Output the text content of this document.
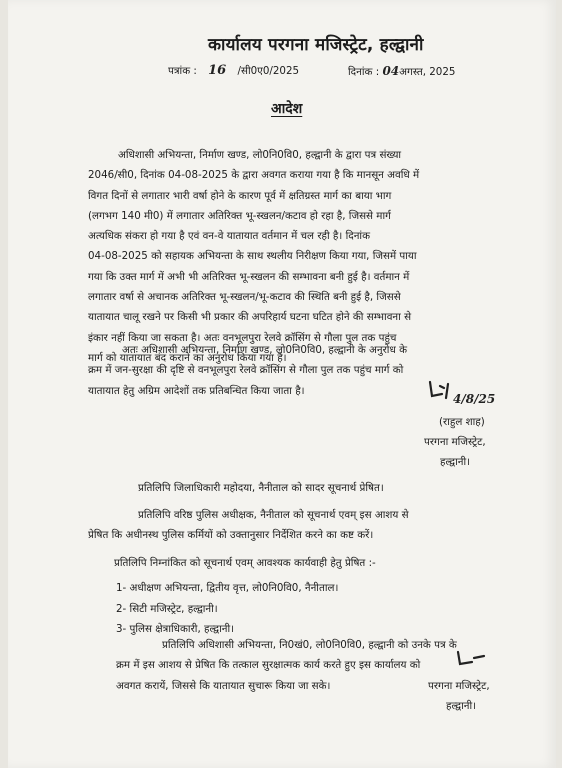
कार्यालय परगना मजिस्ट्रेट, हल्द्वानी
पत्रांक : 16 /सी0ए0/2025	दिनांक : 04अगस्त, 2025
आदेश
अधिशासी अभियन्ता, निर्माण खण्ड, लो0नि0वि0, हल्द्वानी के द्वारा पत्र संख्या
2046/सी0, दिनांक 04-08-2025 के द्वारा अवगत कराया गया है कि मानसून अवधि में
विगत दिनों से लगातार भारी वर्षा होने के कारण पूर्व में क्षतिग्रस्त मार्ग का बाया भाग
(लगभग 140 मी0) में लगातार अतिरिक्त भू-स्खलन/कटाव हो रहा है, जिससे मार्ग
अत्यधिक संकरा हो गया है एवं वन-वे यातायात वर्तमान में चल रही है। दिनांक
04-08-2025 को सहायक अभियन्ता के साथ स्थलीय निरीक्षण किया गया, जिसमें पाया
गया कि उक्त मार्ग में अभी भी अतिरिक्त भू-स्खलन की सम्भावना बनी हुई है। वर्तमान में
लगातार वर्षा से अचानक अतिरिक्त भू-स्खलन/भू-कटाव की स्थिति बनी हुई है, जिससे
यातायात चालू रखने पर किसी भी प्रकार की अपरिहार्य घटना घटित होने की सम्भावना से
इंकार नहीं किया जा सकता है। अतः वनभूलपुरा रेलवे क्रॉसिंग से गौला पुल तक पहुंच
मार्ग को यातायात बंद कराने का अनुरोध किया गया है।
अतः अधिशासी अभियन्ता, निर्माण खण्ड, लो0नि0वि0, हल्द्वानी के अनुरोध के
क्रम में जन-सुरक्षा की दृष्टि से वनभूलपुरा रेलवे क्रॉसिंग से गौला पुल तक पहुंच मार्ग को
यातायात हेतु अग्रिम आदेशों तक प्रतिबन्धित किया जाता है।
4/8/25
(राहुल शाह)
परगना मजिस्ट्रेट,
हल्द्वानी।
प्रतिलिपि जिलाधिकारी महोदया, नैनीताल को सादर सूचनार्थ प्रेषित।
प्रतिलिपि वरिष्ठ पुलिस अधीक्षक, नैनीताल को सूचनार्थ एवम् इस आशय से
प्रेषित कि अधीनस्थ पुलिस कर्मियों को उक्तानुसार निर्देशित करने का कष्ट करें।
प्रतिलिपि निम्नांकित को सूचनार्थ एवम् आवश्यक कार्यवाही हेतु प्रेषित :-
1- अधीक्षण अभियन्ता, द्वितीय वृत्त, लो0नि0वि0, नैनीताल।
2- सिटी मजिस्ट्रेट, हल्द्वानी।
3- पुलिस क्षेत्राधिकारी, हल्द्वानी।
प्रतिलिपि अधिशासी अभियन्ता, नि0खं0, लो0नि0वि0, हल्द्वानी को उनके पत्र के
क्रम में इस आशय से प्रेषित कि तत्काल सुरक्षात्मक कार्य करते हुए इस कार्यालय को
अवगत करायें, जिससे कि यातायात सुचारू किया जा सके।	परगना मजिस्ट्रेट,
हल्द्वानी।
